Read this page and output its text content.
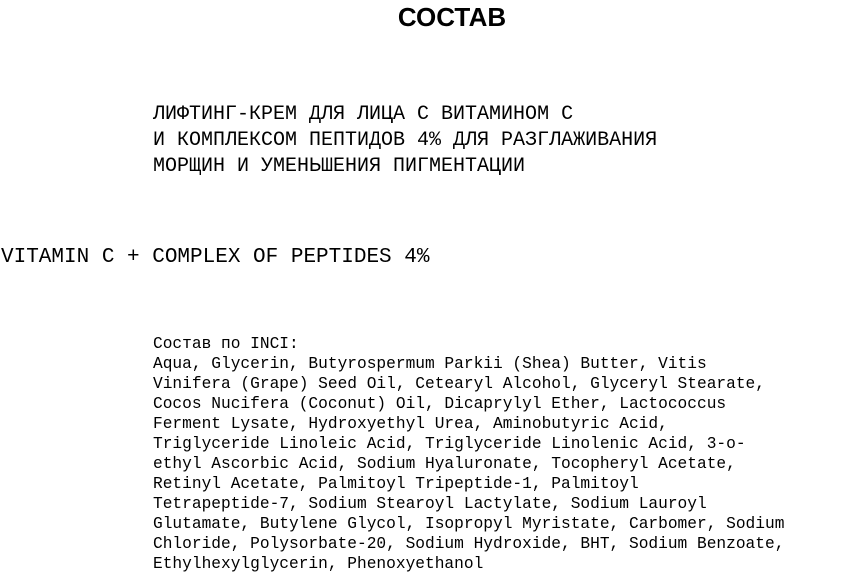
СОСТАВ
ЛИФТИНГ-КРЕМ ДЛЯ ЛИЦА С ВИТАМИНОМ С
И КОМПЛЕКСОМ ПЕПТИДОВ 4% ДЛЯ РАЗГЛАЖИВАНИЯ
МОРЩИН И УМЕНЬШЕНИЯ ПИГМЕНТАЦИИ
VITAMIN C + COMPLEX OF PEPTIDES 4%
Состав по INCI:
Aqua, Glycerin, Butyrospermum Parkii (Shea) Butter, Vitis
Vinifera (Grape) Seed Oil, Cetearyl Alcohol, Glyceryl Stearate,
Cocos Nucifera (Coconut) Oil, Dicaprylyl Ether, Lactococcus
Ferment Lysate, Hydroxyethyl Urea, Aminobutyric Acid,
Triglyceride Linoleic Acid, Triglyceride Linolenic Acid, 3-o-
ethyl Ascorbic Acid, Sodium Hyaluronate, Tocopheryl Acetate,
Retinyl Acetate, Palmitoyl Tripeptide-1, Palmitoyl
Tetrapeptide-7, Sodium Stearoyl Lactylate, Sodium Lauroyl
Glutamate, Butylene Glycol, Isopropyl Myristate, Carbomer, Sodium
Chloride, Polysorbate-20, Sodium Hydroxide, BHT, Sodium Benzoate,
Ethylhexylglycerin, Phenoxyethanol
